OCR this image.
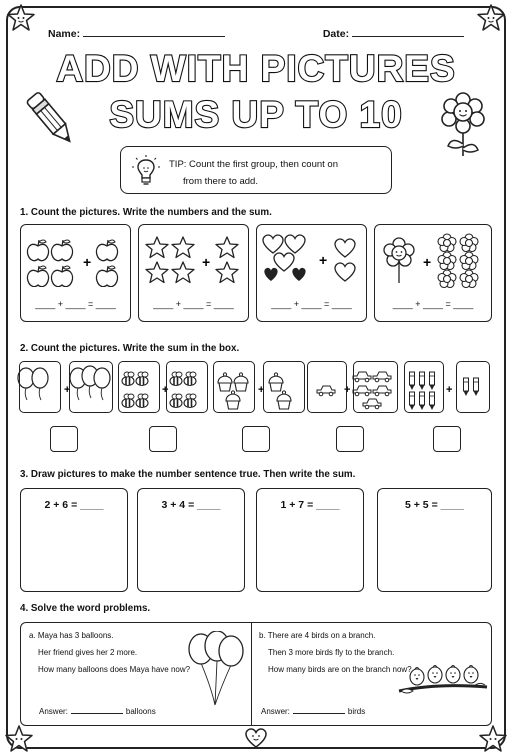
Name:	Date:
ADD WITH PICTURES
SUMS UP TO 10
TIP: Count the first group, then count on
from there to add.
1. Count the pictures. Write the numbers and the sum.
+
____ + ____ = ____
+
____ + ____ = ____
+
____ + ____ = ____
+
____ + ____ = ____
2. Count the pictures. Write the sum in the box.
+	+	+	+	+
3. Draw pictures to make the number sentence true. Then write the sum.
2 + 6 = ____	3 + 4 = ____	1 + 7 = ____	5 + 5 = ____
4. Solve the word problems.
a. Maya has 3 balloons.
Her friend gives her 2 more.
How many balloons does Maya have now?
Answer:	balloons
b. There are 4 birds on a branch.
Then 3 more birds fly to the branch.
How many birds are on the branch now?
Answer:	birds
